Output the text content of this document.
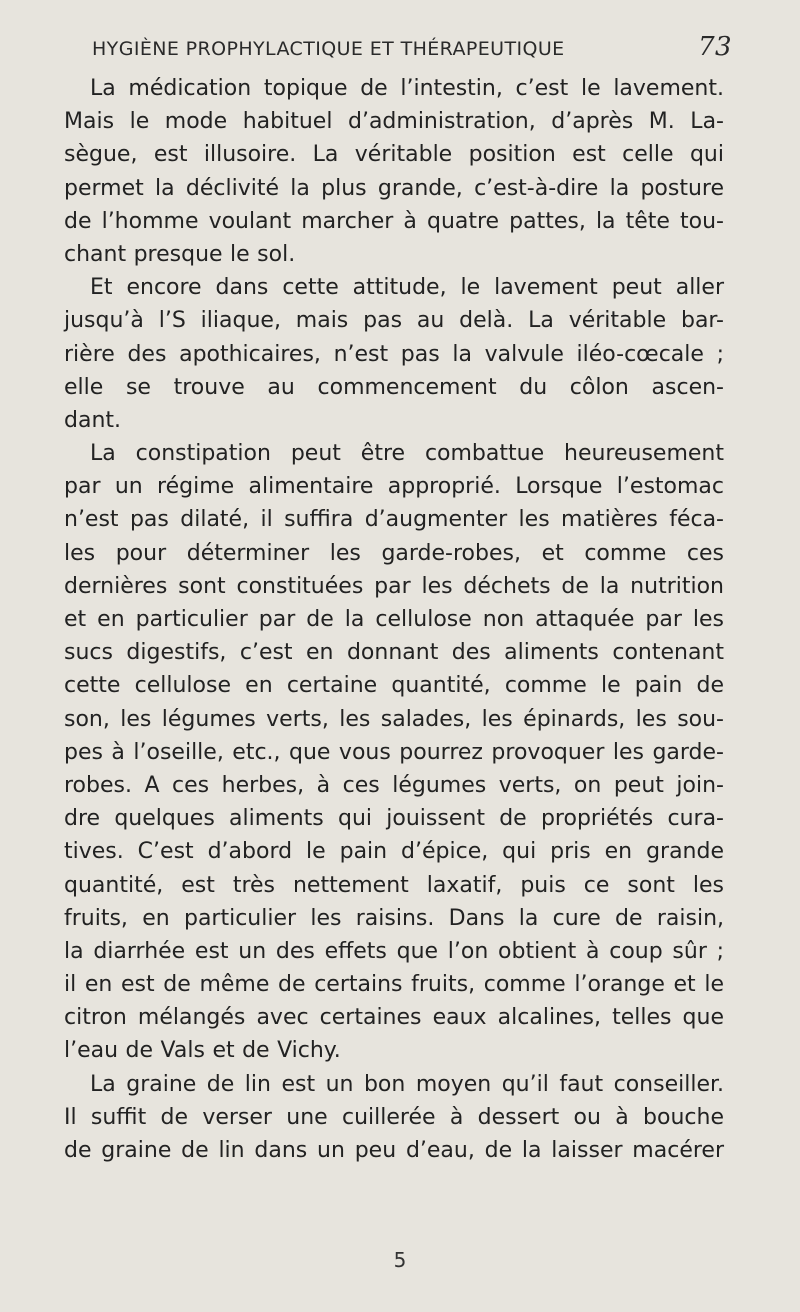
HYGIÈNE PROPHYLACTIQUE ET THÉRAPEUTIQUE	73
La médication topique de l’intestin, c’est le lavement.
Mais le mode habituel d’administration, d’après M. La-
sègue, est illusoire. La véritable position est celle qui
permet la déclivité la plus grande, c’est-à-dire la posture
de l’homme voulant marcher à quatre pattes, la tête tou-
chant presque le sol.
Et encore dans cette attitude, le lavement peut aller
jusqu’à l’S iliaque, mais pas au delà. La véritable bar-
rière des apothicaires, n’est pas la valvule iléo-cœcale ;
elle se trouve au commencement du côlon ascen-
dant.
La constipation peut être combattue heureusement
par un régime alimentaire approprié. Lorsque l’estomac
n’est pas dilaté, il suffira d’augmenter les matières féca-
les pour déterminer les garde-robes, et comme ces
dernières sont constituées par les déchets de la nutrition
et en particulier par de la cellulose non attaquée par les
sucs digestifs, c’est en donnant des aliments contenant
cette cellulose en certaine quantité, comme le pain de
son, les légumes verts, les salades, les épinards, les sou-
pes à l’oseille, etc., que vous pourrez provoquer les garde-
robes. A ces herbes, à ces légumes verts, on peut join-
dre quelques aliments qui jouissent de propriétés cura-
tives. C’est d’abord le pain d’épice, qui pris en grande
quantité, est très nettement laxatif, puis ce sont les
fruits, en particulier les raisins. Dans la cure de raisin,
la diarrhée est un des effets que l’on obtient à coup sûr ;
il en est de même de certains fruits, comme l’orange et le
citron mélangés avec certaines eaux alcalines, telles que
l’eau de Vals et de Vichy.
La graine de lin est un bon moyen qu’il faut conseiller.
Il suffit de verser une cuillerée à dessert ou à bouche
de graine de lin dans un peu d’eau, de la laisser macérer
5
